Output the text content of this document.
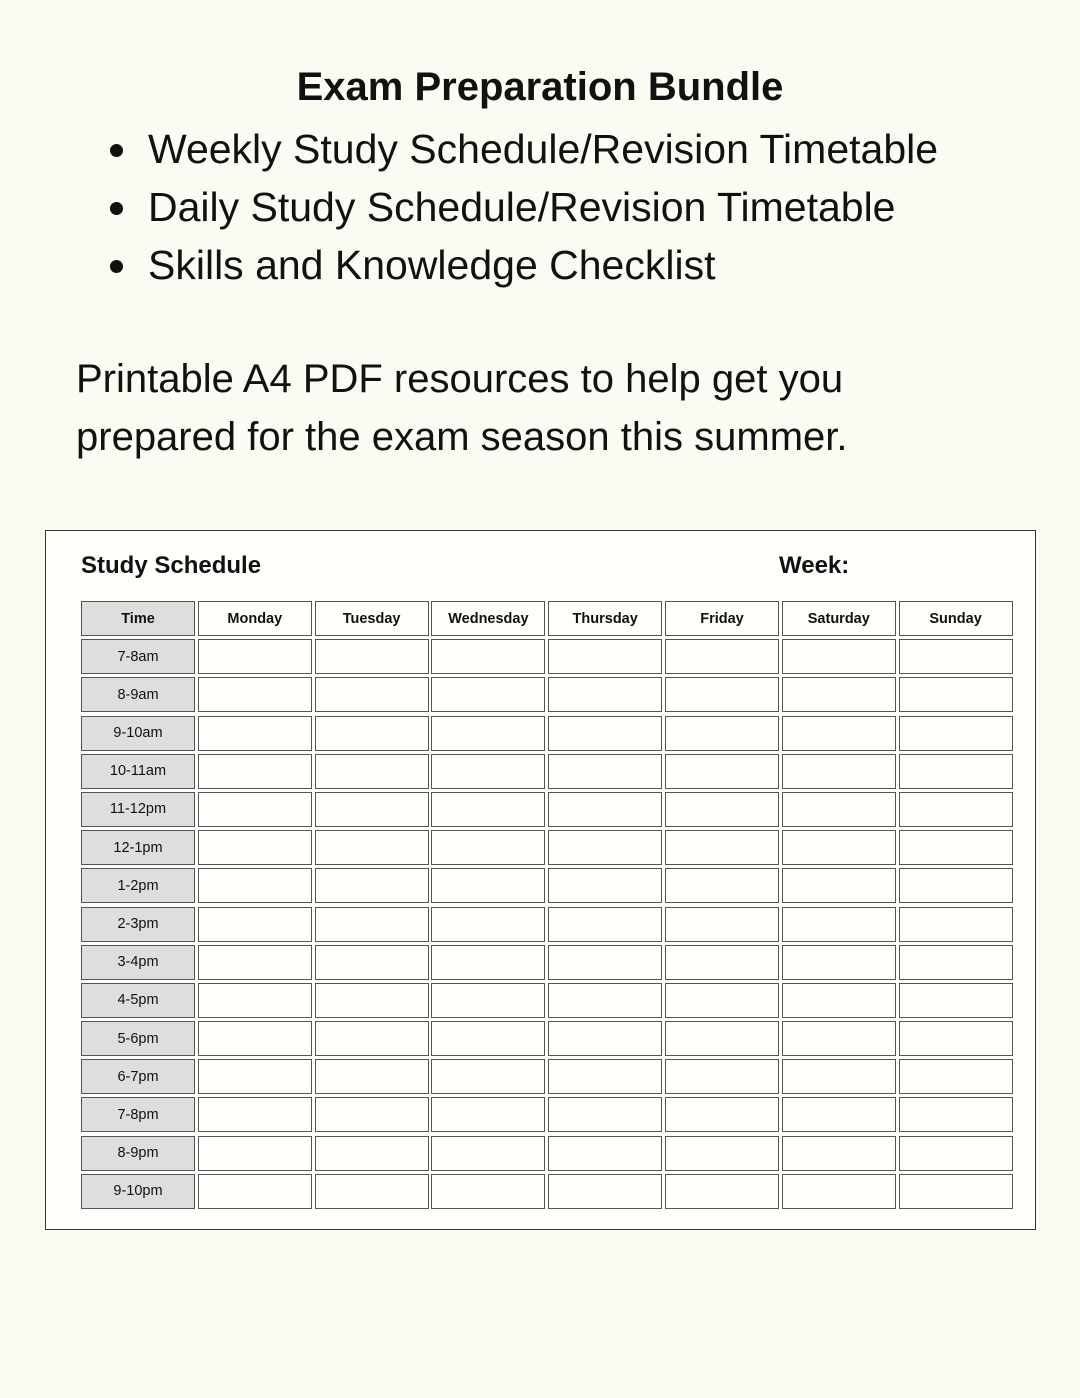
Exam Preparation Bundle
Weekly Study Schedule/Revision Timetable
Daily Study Schedule/Revision Timetable
Skills and Knowledge Checklist

Printable A4 PDF resources to help get you prepared for the exam season this summer.

Study Schedule	Week:
Time	Monday	Tuesday	Wednesday	Thursday	Friday	Saturday	Sunday
7-8am
8-9am
9-10am
10-11am
11-12pm
12-1pm
1-2pm
2-3pm
3-4pm
4-5pm
5-6pm
6-7pm
7-8pm
8-9pm
9-10pm
